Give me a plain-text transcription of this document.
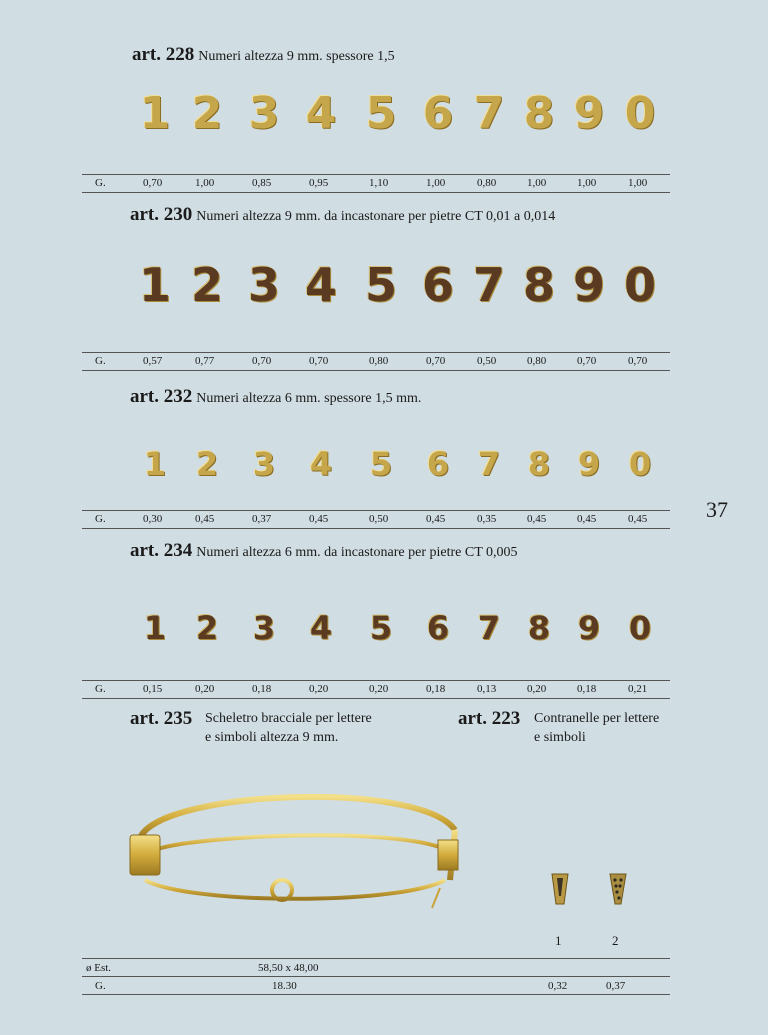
art. 228 Numeri altezza 9 mm. spessore 1,5
art. 230 Numeri altezza 9 mm. da incastonare per pietre CT 0,01 a 0,014
art. 232 Numeri altezza 6 mm. spessore 1,5 mm.
art. 234 Numeri altezza 6 mm. da incastonare per pietre CT 0,005
1 2 3 4 5 6 7 8 9 0
1 2 3 4 5 6 7 8 9 0
1 2	3	4	5	6 7 8 9 0
1 2	3	4	5	6 7 8 9 0
G.	0,70	1,00	0,85	0,95	1,10	1,00	0,80	1,00	1,00	1,00
G.	0,57	0,77	0,70	0,70	0,80	0,70	0,50	0,80	0,70	0,70
G.	0,30	0,45	0,37	0,45	0,50	0,45	0,35	0,45	0,45	0,45
G.	0,15	0,20	0,18	0,20	0,20	0,18	0,13	0,20	0,18	0,21
37
art. 235 Scheletro bracciale per lettere
e simboli altezza 9 mm.
art. 223 Contranelle per lettere
e simboli
1	2
ø Est.	58,50 x 48,00
G.	18.30	0,32	0,37
